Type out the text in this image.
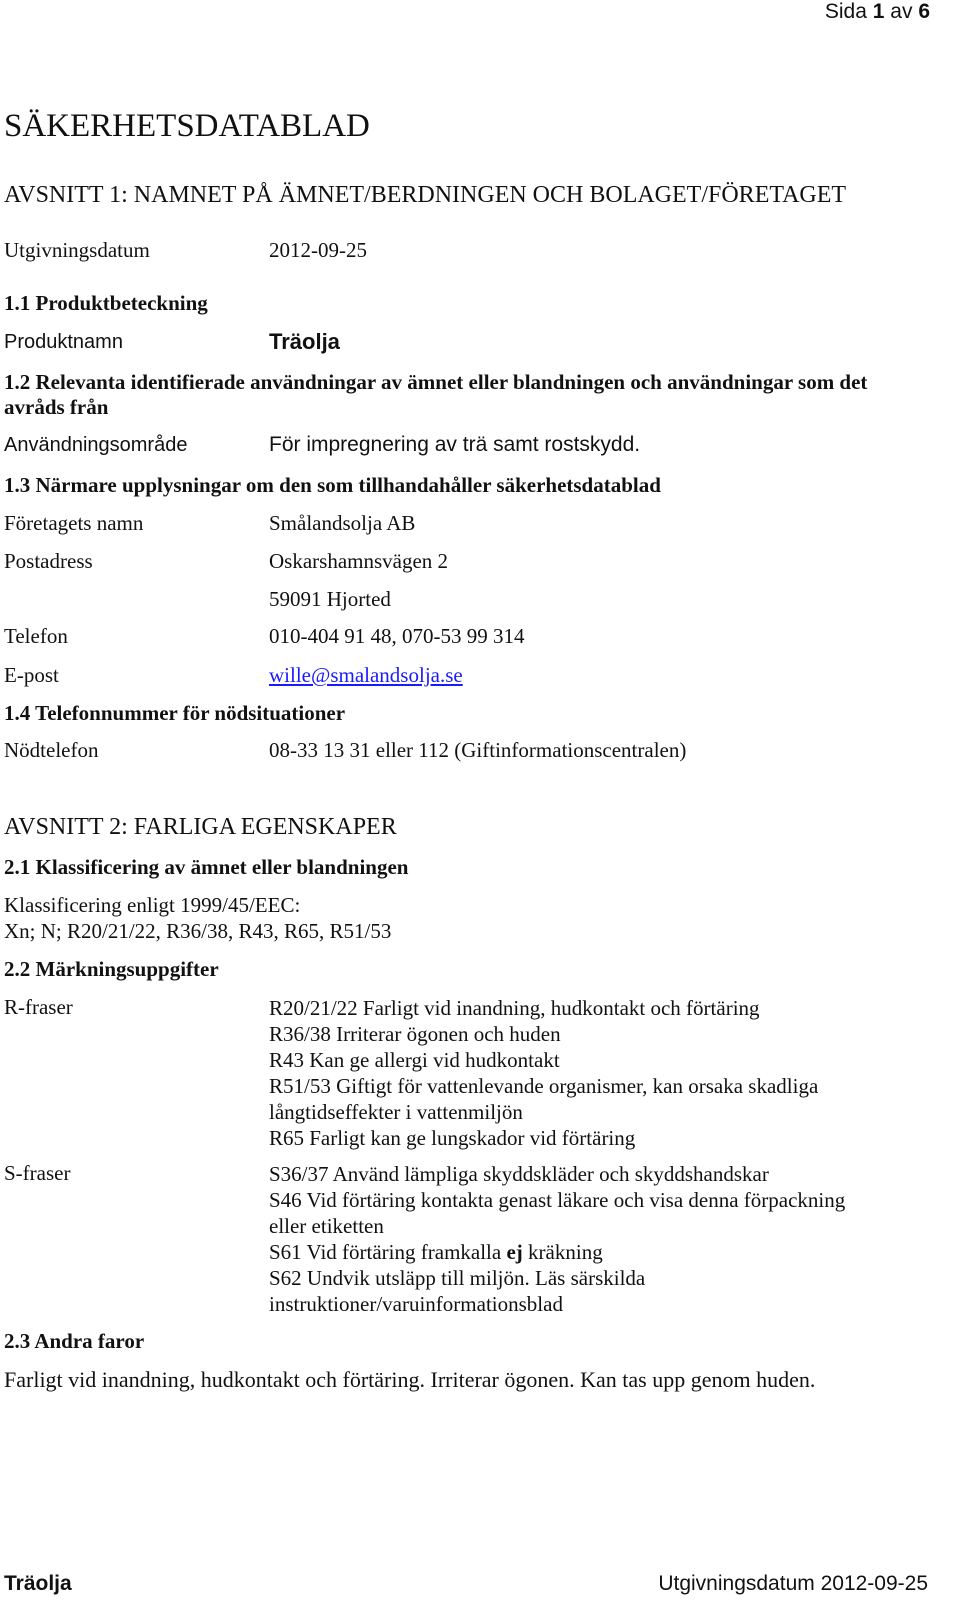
Sida 1 av 6
SÄKERHETSDATABLAD
AVSNITT 1: NAMNET PÅ ÄMNET/BERDNINGEN OCH BOLAGET/FÖRETAGET
Utgivningsdatum	2012-09-25
1.1 Produktbeteckning
Produktnamn	Träolja
1.2 Relevanta identifierade användningar av ämnet eller blandningen och användningar som det
avråds från
Användningsområde	För impregnering av trä samt rostskydd.
1.3 Närmare upplysningar om den som tillhandahåller säkerhetsdatablad
Företagets namn	Smålandsolja AB
Postadress	Oskarshamnsvägen 2
59091 Hjorted
Telefon	010-404 91 48, 070-53 99 314
E-post	wille@smalandsolja.se
1.4 Telefonnummer för nödsituationer
Nödtelefon	08-33 13 31 eller 112 (Giftinformationscentralen)
AVSNITT 2: FARLIGA EGENSKAPER
2.1 Klassificering av ämnet eller blandningen
Klassificering enligt 1999/45/EEC:
Xn; N; R20/21/22, R36/38, R43, R65, R51/53
2.2 Märkningsuppgifter
R-fraser	R20/21/22 Farligt vid inandning, hudkontakt och förtäring
R36/38 Irriterar ögonen och huden
R43 Kan ge allergi vid hudkontakt
R51/53 Giftigt för vattenlevande organismer, kan orsaka skadliga
långtidseffekter i vattenmiljön
R65 Farligt kan ge lungskador vid förtäring
S-fraser	S36/37 Använd lämpliga skyddskläder och skyddshandskar
S46 Vid förtäring kontakta genast läkare och visa denna förpackning
eller etiketten
S61 Vid förtäring framkalla ej kräkning
S62 Undvik utsläpp till miljön. Läs särskilda
instruktioner/varuinformationsblad
2.3 Andra faror
Farligt vid inandning, hudkontakt och förtäring. Irriterar ögonen. Kan tas upp genom huden.
Träolja	Utgivningsdatum 2012-09-25
